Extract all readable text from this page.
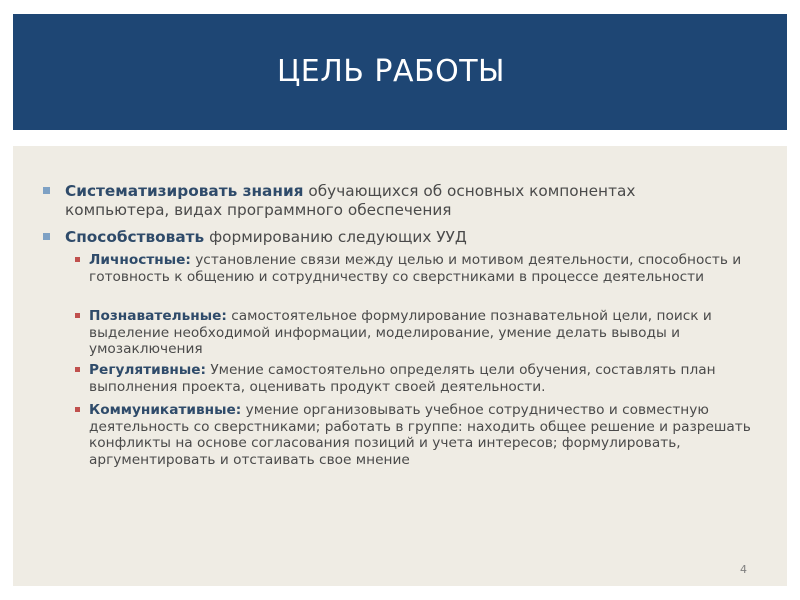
ЦЕЛЬ РАБОТЫ
Систематизировать знания обучающихся об основных компонентах компьютера, видах программного обеспечения
Способствовать формированию следующих УУД
Личностные: установление связи между целью и мотивом деятельности, способность и готовность к общению и сотрудничеству со сверстниками в процессе деятельности
Познавательные: самостоятельное формулирование познавательной цели, поиск и выделение необходимой информации, моделирование, умение делать выводы и умозаключения
Регулятивные: Умение самостоятельно определять цели обучения, составлять план выполнения проекта, оценивать продукт своей деятельности.
Коммуникативные: умение организовывать учебное сотрудничество и совместную деятельность со сверстниками; работать в группе: находить общее решение и разрешать конфликты на основе согласования позиций и учета интересов; формулировать, аргументировать и отстаивать свое мнение
4
